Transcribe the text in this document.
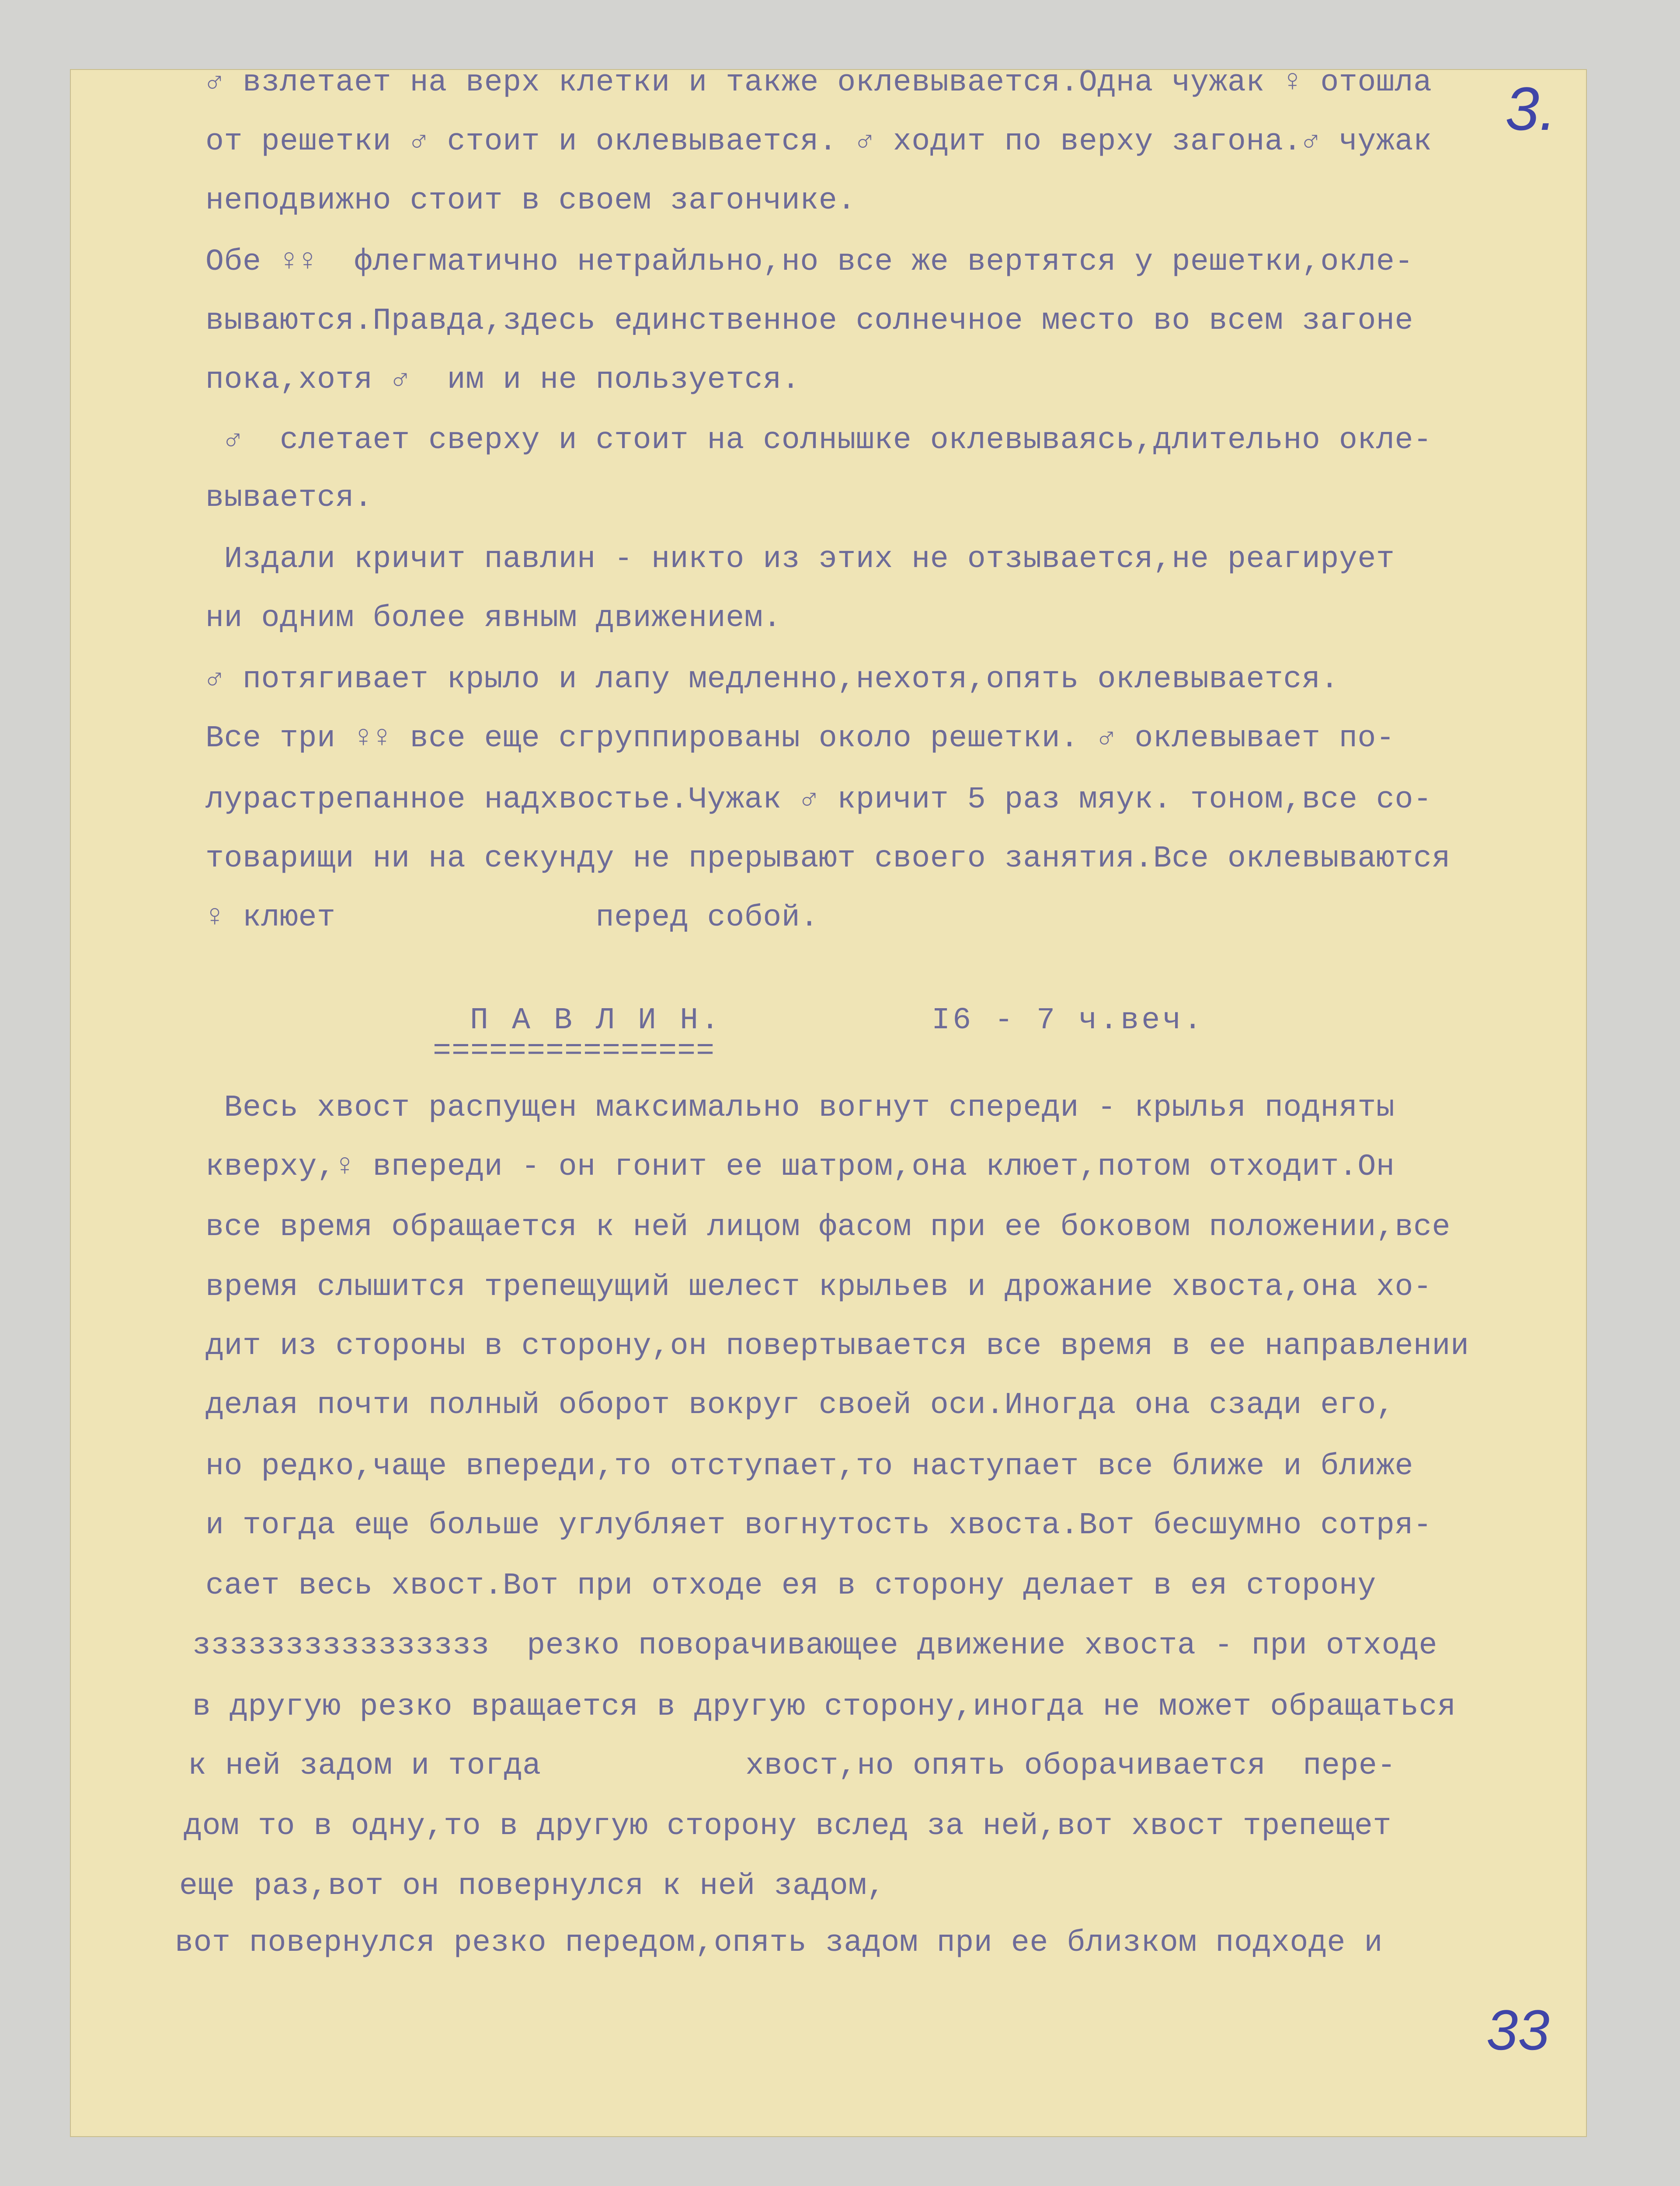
3.

♂ взлетает на верх клетки и также оклевывается.Одна чужак ♀ отошла

от решетки ♂ стоит и оклевывается. ♂ ходит по верху загона.♂ чужак

неподвижно стоит в своем загончике.

Обе ♀♀  флегматично нетрайльно,но все же вертятся у решетки,окле-

вываются.Правда,здесь единственное солнечное место во всем загоне

пока,хотя ♂  им и не пользуется.

♂  слетает сверху и стоит на солнышке оклевываясь,длительно окле-

вывается.

Издали кричит павлин - никто из этих не отзывается,не реагирует

ни одним более явным движением.

♂ потягивает крыло и лапу медленно,нехотя,опять оклевывается.

Все три ♀♀ все еще сгруппированы около решетки. ♂ оклевывает по-

лурастрепанное надхвостье.Чужак ♂ кричит 5 раз мяук. тоном,все со-

товарищи ни на секунду не прерывают своего занятия.Все оклевываются

♀ клюет              перед собой.

П А В Л И Н.          I6 - 7 ч.веч.

===============

Весь хвост распущен максимально вогнут спереди - крылья подняты

кверху,♀ впереди - он гонит ее шатром,она клюет,потом отходит.Он

все время обращается к ней лицом фасом при ее боковом положении,все

время слышится трепещущий шелест крыльев и дрожание хвоста,она хо-

дит из стороны в сторону,он повертывается все время в ее направлении

делая почти полный оборот вокруг своей оси.Иногда она сзади его,

но редко,чаще впереди,то отступает,то наступает все ближе и ближе

и тогда еще больше углубляет вогнутость хвоста.Вот бесшумно сотря-

сает весь хвост.Вот при отходе ея в сторону делает в ея сторону

зззззззззззззззз  резко поворачивающее движение хвоста - при отходе

в другую резко вращается в другую сторону,иногда не может обращаться

к ней задом и тогда           хвост,но опять оборачивается  пере-

дом то в одну,то в другую сторону вслед за ней,вот хвост трепещет

еще раз,вот он повернулся к ней задом,

вот повернулся резко передом,опять задом при ее близком подходе и

33
